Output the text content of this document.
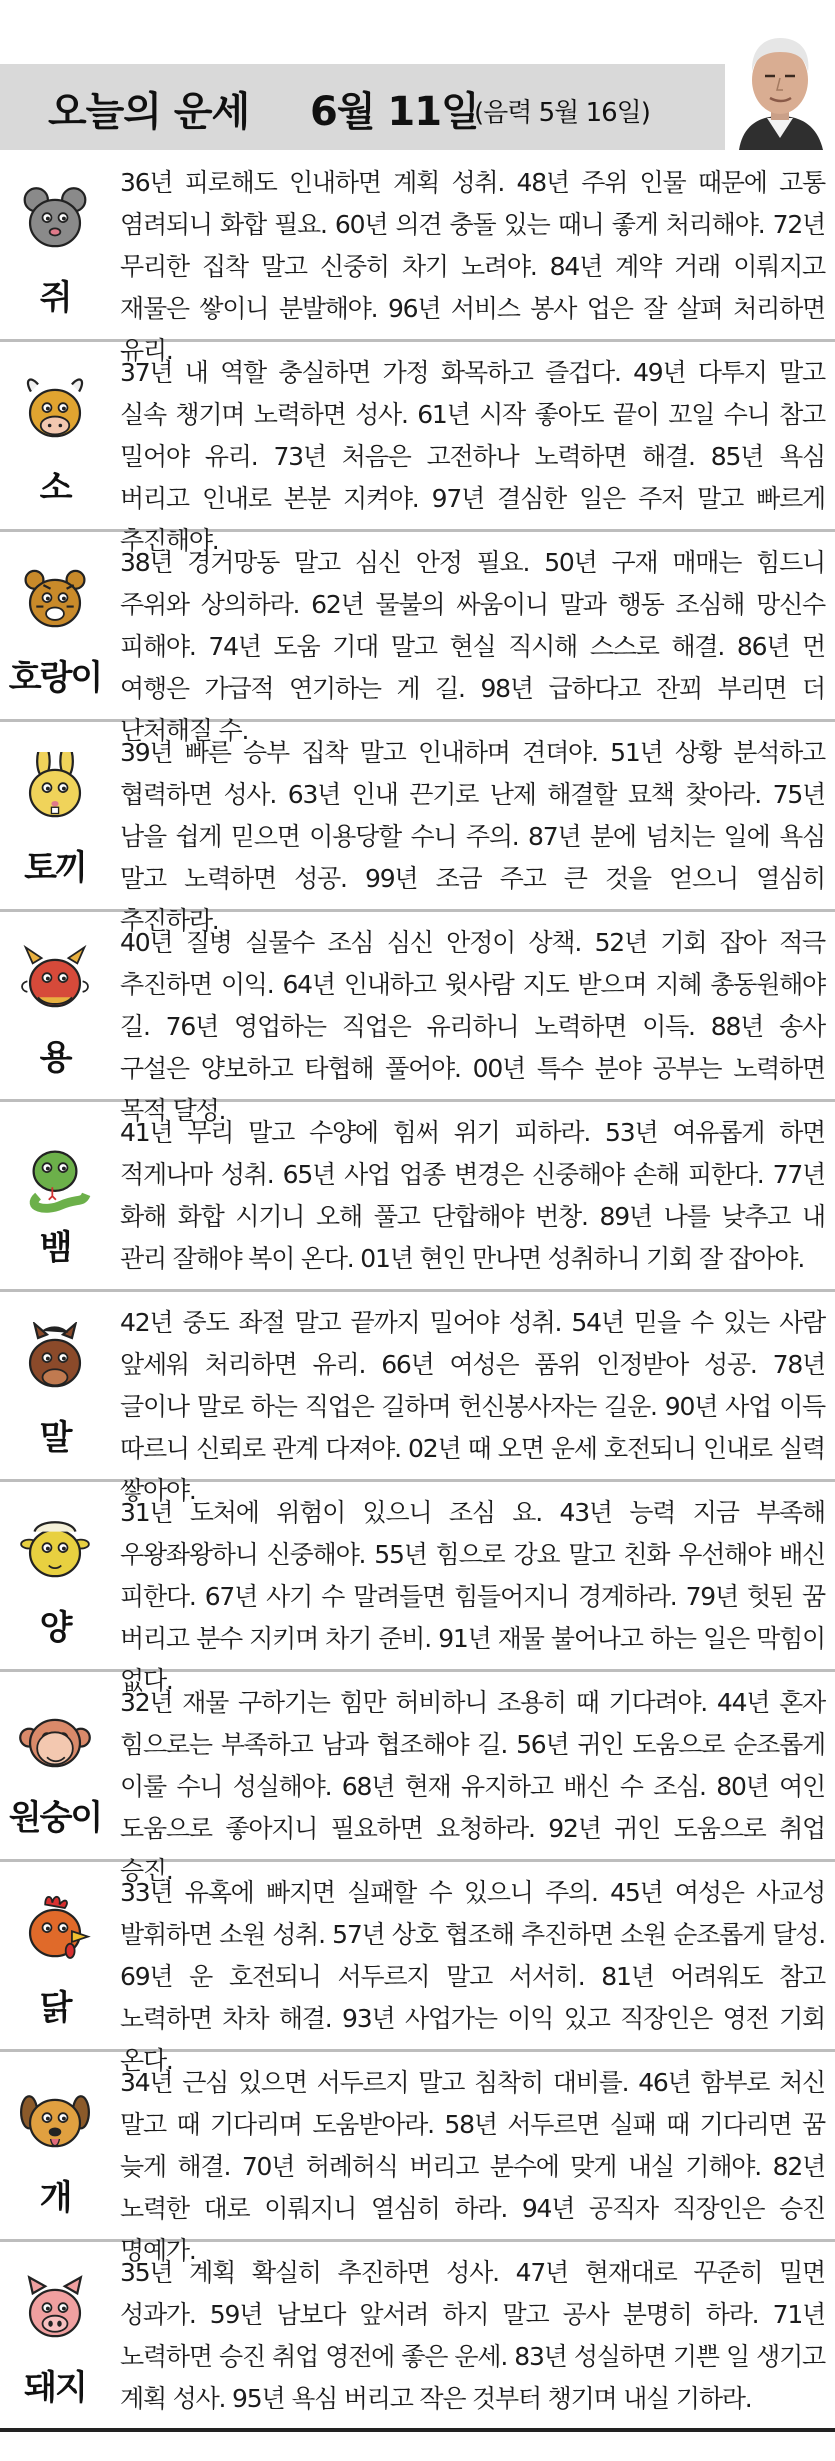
오늘의 운세 6월 11일
(음력 5월 16일)
쥐
36년 피로해도 인내하면 계획 성취. 48년 주위 인물 때문에 고통 염려되니 화합 필요. 60년 의견 충돌 있는 때니 좋게 처리해야. 72년 무리한 집착 말고 신중히 차기 노려야. 84년 계약 거래 이뤄지고 재물은 쌓이니 분발해야. 96년 서비스 봉사 업은 잘 살펴 처리하면 유리.
소
37년 내 역할 충실하면 가정 화목하고 즐겁다. 49년 다투지 말고 실속 챙기며 노력하면 성사. 61년 시작 좋아도 끝이 꼬일 수니 참고 밀어야 유리. 73년 처음은 고전하나 노력하면 해결. 85년 욕심 버리고 인내로 본분 지켜야. 97년 결심한 일은 주저 말고 빠르게 추진해야.
호랑이
38년 경거망동 말고 심신 안정 필요. 50년 구재 매매는 힘드니 주위와 상의하라. 62년 물불의 싸움이니 말과 행동 조심해 망신수 피해야. 74년 도움 기대 말고 현실 직시해 스스로 해결. 86년 먼 여행은 가급적 연기하는 게 길. 98년 급하다고 잔꾀 부리면 더 난처해질 수.
토끼
39년 빠른 승부 집착 말고 인내하며 견뎌야. 51년 상황 분석하고 협력하면 성사. 63년 인내 끈기로 난제 해결할 묘책 찾아라. 75년 남을 쉽게 믿으면 이용당할 수니 주의. 87년 분에 넘치는 일에 욕심 말고 노력하면 성공. 99년 조금 주고 큰 것을 얻으니 열심히 추진하라.
용
40년 질병 실물수 조심 심신 안정이 상책. 52년 기회 잡아 적극 추진하면 이익. 64년 인내하고 윗사람 지도 받으며 지혜 총동원해야 길. 76년 영업하는 직업은 유리하니 노력하면 이득. 88년 송사 구설은 양보하고 타협해 풀어야. 00년 특수 분야 공부는 노력하면 목적 달성.
뱀
41년 무리 말고 수양에 힘써 위기 피하라. 53년 여유롭게 하면 적게나마 성취. 65년 사업 업종 변경은 신중해야 손해 피한다. 77년 화해 화합 시기니 오해 풀고 단합해야 번창. 89년 나를 낮추고 내 관리 잘해야 복이 온다. 01년 현인 만나면 성취하니 기회 잘 잡아야.
말
42년 중도 좌절 말고 끝까지 밀어야 성취. 54년 믿을 수 있는 사람 앞세워 처리하면 유리. 66년 여성은 품위 인정받아 성공. 78년 글이나 말로 하는 직업은 길하며 헌신봉사자는 길운. 90년 사업 이득 따르니 신뢰로 관계 다져야. 02년 때 오면 운세 호전되니 인내로 실력 쌓아야.
양
31년 도처에 위험이 있으니 조심 요. 43년 능력 지금 부족해 우왕좌왕하니 신중해야. 55년 힘으로 강요 말고 친화 우선해야 배신 피한다. 67년 사기 수 말려들면 힘들어지니 경계하라. 79년 헛된 꿈 버리고 분수 지키며 차기 준비. 91년 재물 불어나고 하는 일은 막힘이 없다.
원숭이
32년 재물 구하기는 힘만 허비하니 조용히 때 기다려야. 44년 혼자 힘으로는 부족하고 남과 협조해야 길. 56년 귀인 도움으로 순조롭게 이룰 수니 성실해야. 68년 현재 유지하고 배신 수 조심. 80년 여인 도움으로 좋아지니 필요하면 요청하라. 92년 귀인 도움으로 취업 승진.
닭
33년 유혹에 빠지면 실패할 수 있으니 주의. 45년 여성은 사교성 발휘하면 소원 성취. 57년 상호 협조해 추진하면 소원 순조롭게 달성. 69년 운 호전되니 서두르지 말고 서서히. 81년 어려워도 참고 노력하면 차차 해결. 93년 사업가는 이익 있고 직장인은 영전 기회 온다.
개
34년 근심 있으면 서두르지 말고 침착히 대비를. 46년 함부로 처신 말고 때 기다리며 도움받아라. 58년 서두르면 실패 때 기다리면 꿈 늦게 해결. 70년 허례허식 버리고 분수에 맞게 내실 기해야. 82년 노력한 대로 이뤄지니 열심히 하라. 94년 공직자 직장인은 승진 명예가.
돼지
35년 계획 확실히 추진하면 성사. 47년 현재대로 꾸준히 밀면 성과가. 59년 남보다 앞서려 하지 말고 공사 분명히 하라. 71년 노력하면 승진 취업 영전에 좋은 운세. 83년 성실하면 기쁜 일 생기고 계획 성사. 95년 욕심 버리고 작은 것부터 챙기며 내실 기하라.
